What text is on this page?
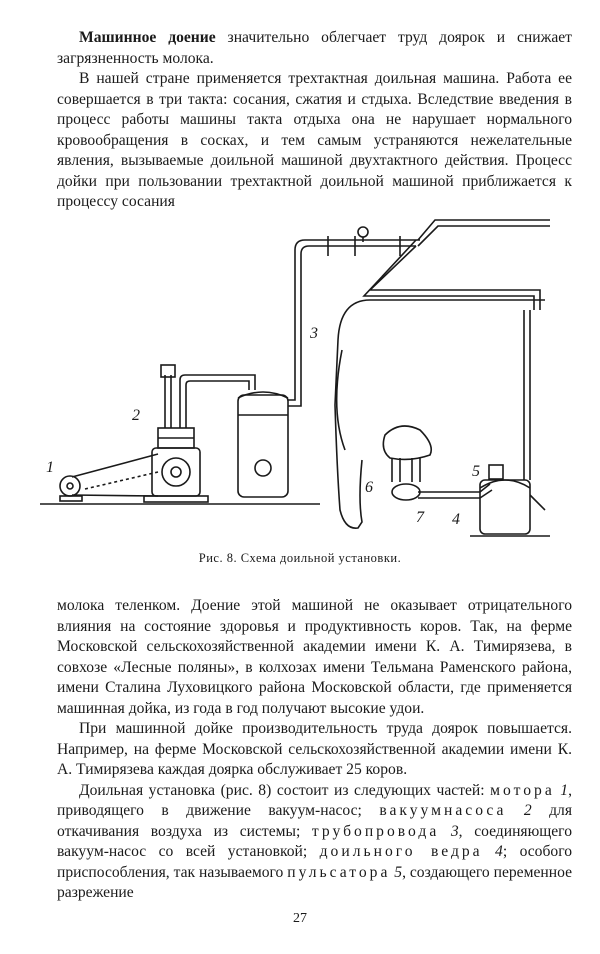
Машинное доение значительно облегчает труд доярок и снижает загрязненность молока.

В нашей стране применяется трехтактная доильная машина. Работа ее совершается в три такта: сосания, сжатия и стдыха. Вследствие введения в процесс работы машины такта отдыха она не нарушает нормального кровообращения в сосках, и тем самым устраняются нежелательные явления, вызываемые доильной машиной двухтактного действия. Процесс дойки при пользовании трехтактной доильной машиной приближается к процессу сосания

1
2
3
4
5
6
7
Рис. 8. Схема доильной установки.

молока теленком. Доение этой машиной не оказывает отрицательного влияния на состояние здоровья и продуктивность коров. Так, на ферме Московской сельскохозяйственной академии имени К. А. Тимирязева, в совхозе «Лесные поляны», в колхозах имени Тельмана Раменского района, имени Сталина Луховицкого района Московской области, где применяется машинная дойка, из года в год получают высокие удои.

При машинной дойке производительность труда доярок повышается. Например, на ферме Московской сельскохозяйственной академии имени К. А. Тимирязева каждая доярка обслуживает 25 коров.

Доильная установка (рис. 8) состоит из следующих частей: мотора 1, приводящего в движение вакуум-насос; вакуумнасоса 2 для откачивания воздуха из системы; трубопровода 3, соединяющего вакуум-насос со всей установкой; доильного ведра 4; особого приспособления, так называемого пульсатора 5, создающего переменное разрежение

27
